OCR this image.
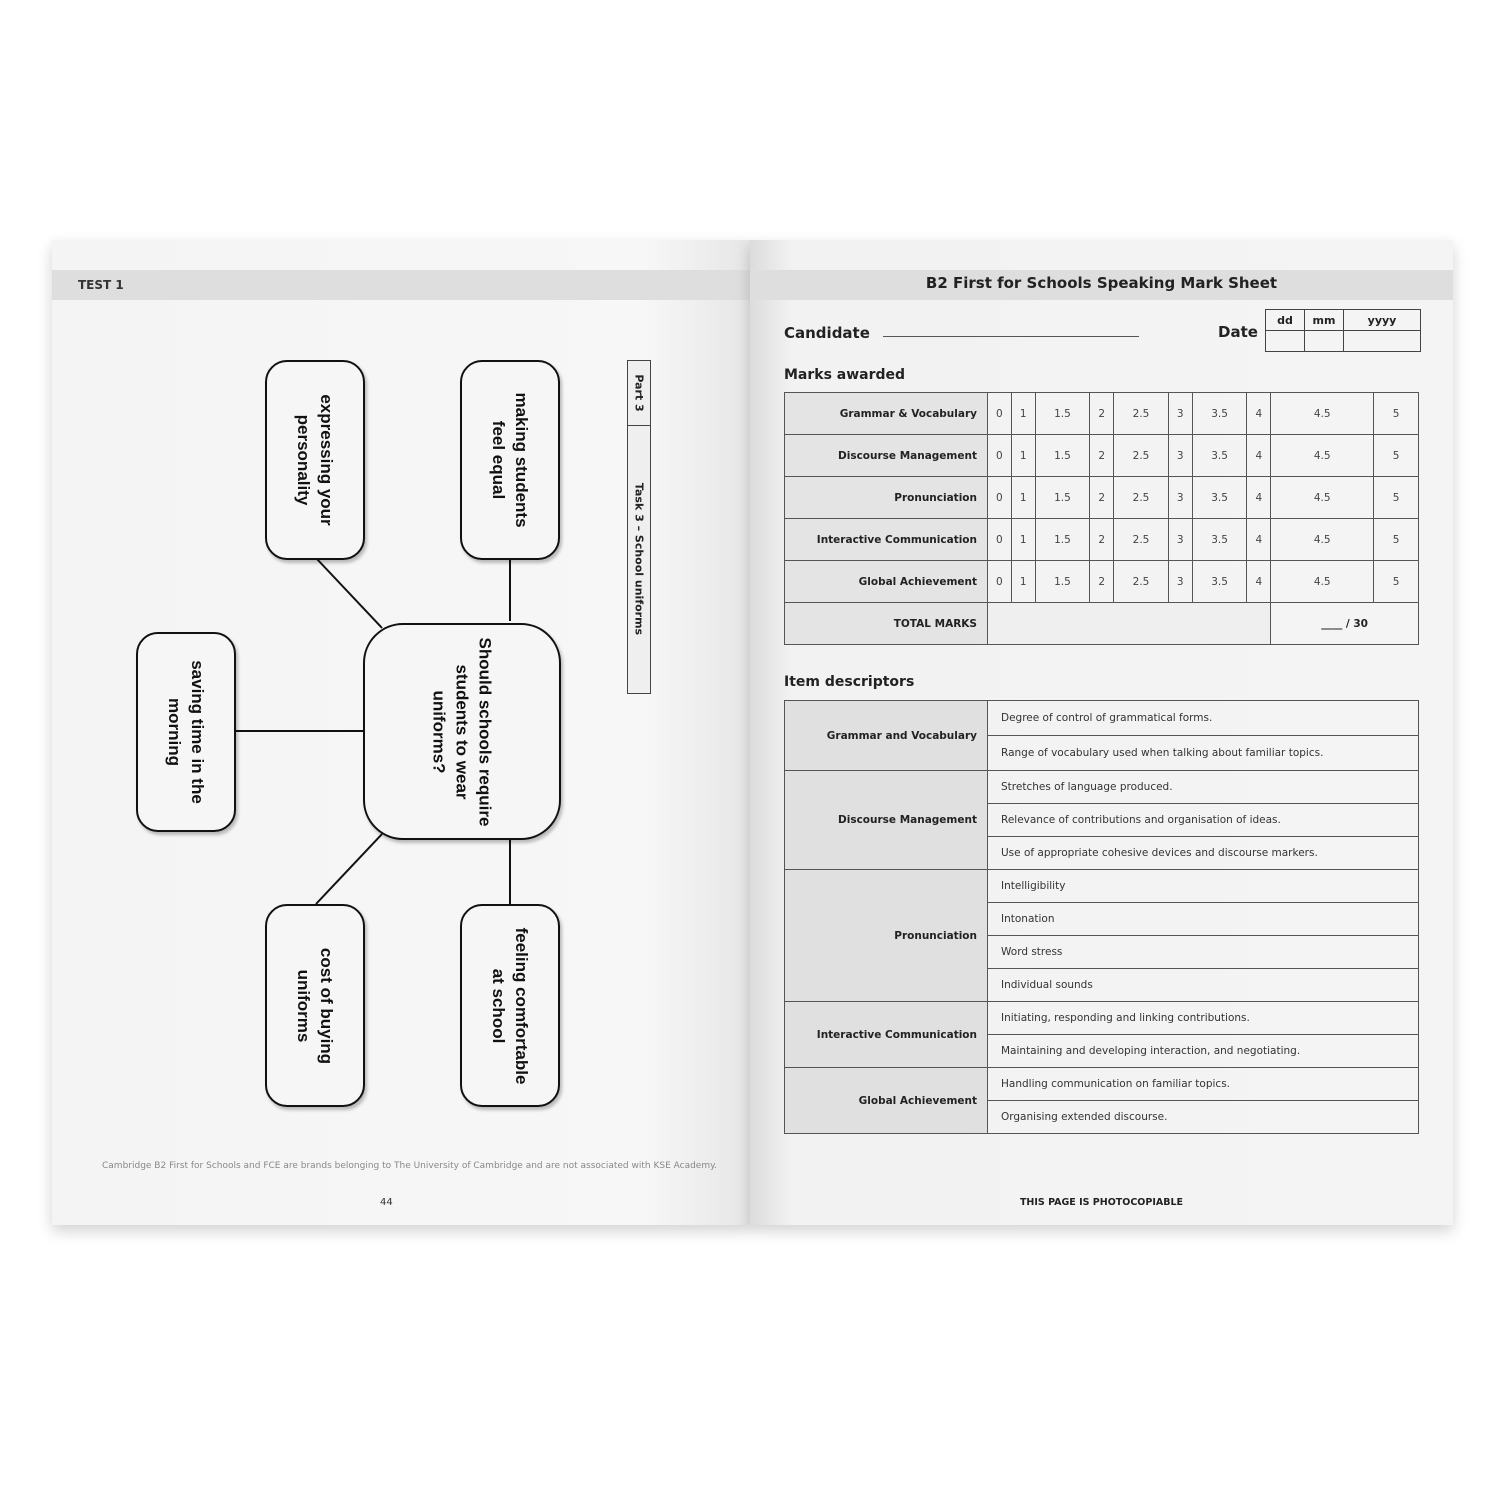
TEST 1
expressing your personality	making students feel equal
saving time in the morning
cost of buying uniforms	feeling comfortable at school
Should schools require students to wear uniforms?
Part 3
Task 3 – School uniforms
Cambridge B2 First for Schools and FCE are brands belonging to The University of Cambridge and are not associated with KSE Academy.
44
B2 First for Schools Speaking Mark Sheet
Candidate	Date
dd	mm	yyyy

Marks awarded
Grammar & Vocabulary	0	1	1.5	2	2.5	3	3.5	4	4.5	5
Discourse Management	0	1	1.5	2	2.5	3	3.5	4	4.5	5
Pronunciation	0	1	1.5	2	2.5	3	3.5	4	4.5	5
Interactive Communication	0	1	1.5	2	2.5	3	3.5	4	4.5	5
Global Achievement	0	1	1.5	2	2.5	3	3.5	4	4.5	5
TOTAL MARKS									____ / 30	
Item descriptors
Grammar and Vocabulary	Degree of control of grammatical forms.
	Range of vocabulary used when talking about familiar topics.
Discourse Management	Stretches of language produced.
	Relevance of contributions and organisation of ideas.
	Use of appropriate cohesive devices and discourse markers.
Pronunciation	Intelligibility
	Intonation
	Word stress
	Individual sounds
Interactive Communication	Initiating, responding and linking contributions.
	Maintaining and developing interaction, and negotiating.
Global Achievement	Handling communication on familiar topics.
	Organising extended discourse.
THIS PAGE IS PHOTOCOPIABLE
